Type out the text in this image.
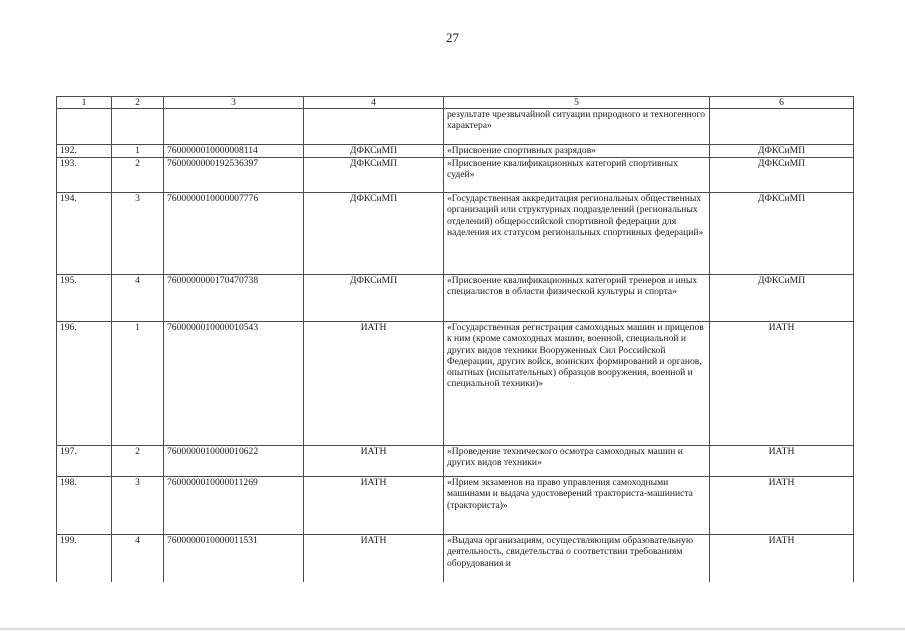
27
1	2	3	4	5	6
				результате чрезвычайной ситуации природного и техногенного характера»	
192.	1	7600000010000008114	ДФКСиМП	«Присвоение спортивных разрядов»	ДФКСиМП
193.	2	7600000000192536397	ДФКСиМП	«Присвоение квалификационных категорий спортивных судей»	ДФКСиМП
194.	3	7600000010000007776	ДФКСиМП	«Государственная аккредитация региональных общественных организаций или структурных подразделений (региональных отделений) общероссийской спортивной федерации для наделения их статусом региональных спортивных федераций»	ДФКСиМП
195.	4	7600000000170470738	ДФКСиМП	«Присвоение квалификационных категорий тренеров и иных специалистов в области физической культуры и спорта»	ДФКСиМП
196.	1	7600000010000010543	ИАТН	«Государственная регистрация самоходных машин и прицепов к ним (кроме самоходных машин, военной, специальной и других видов техники Вооруженных Сил Российской Федерации, других войск, воинских формирований и органов, опытных (испытательных) образцов вооружения, военной и специальной техники)»	ИАТН
197.	2	7600000010000010622	ИАТН	«Проведение технического осмотра самоходных машин и других видов техники»	ИАТН
198.	3	7600000010000011269	ИАТН	«Прием экзаменов на право управления самоходными машинами и выдача удостоверений тракториста-машиниста (тракториста)»	ИАТН
199.	4	7600000010000011531	ИАТН	«Выдача организациям, осуществляющим образовательную деятельность, свидетельства о соответствии требованиям оборудования и	ИАТН
